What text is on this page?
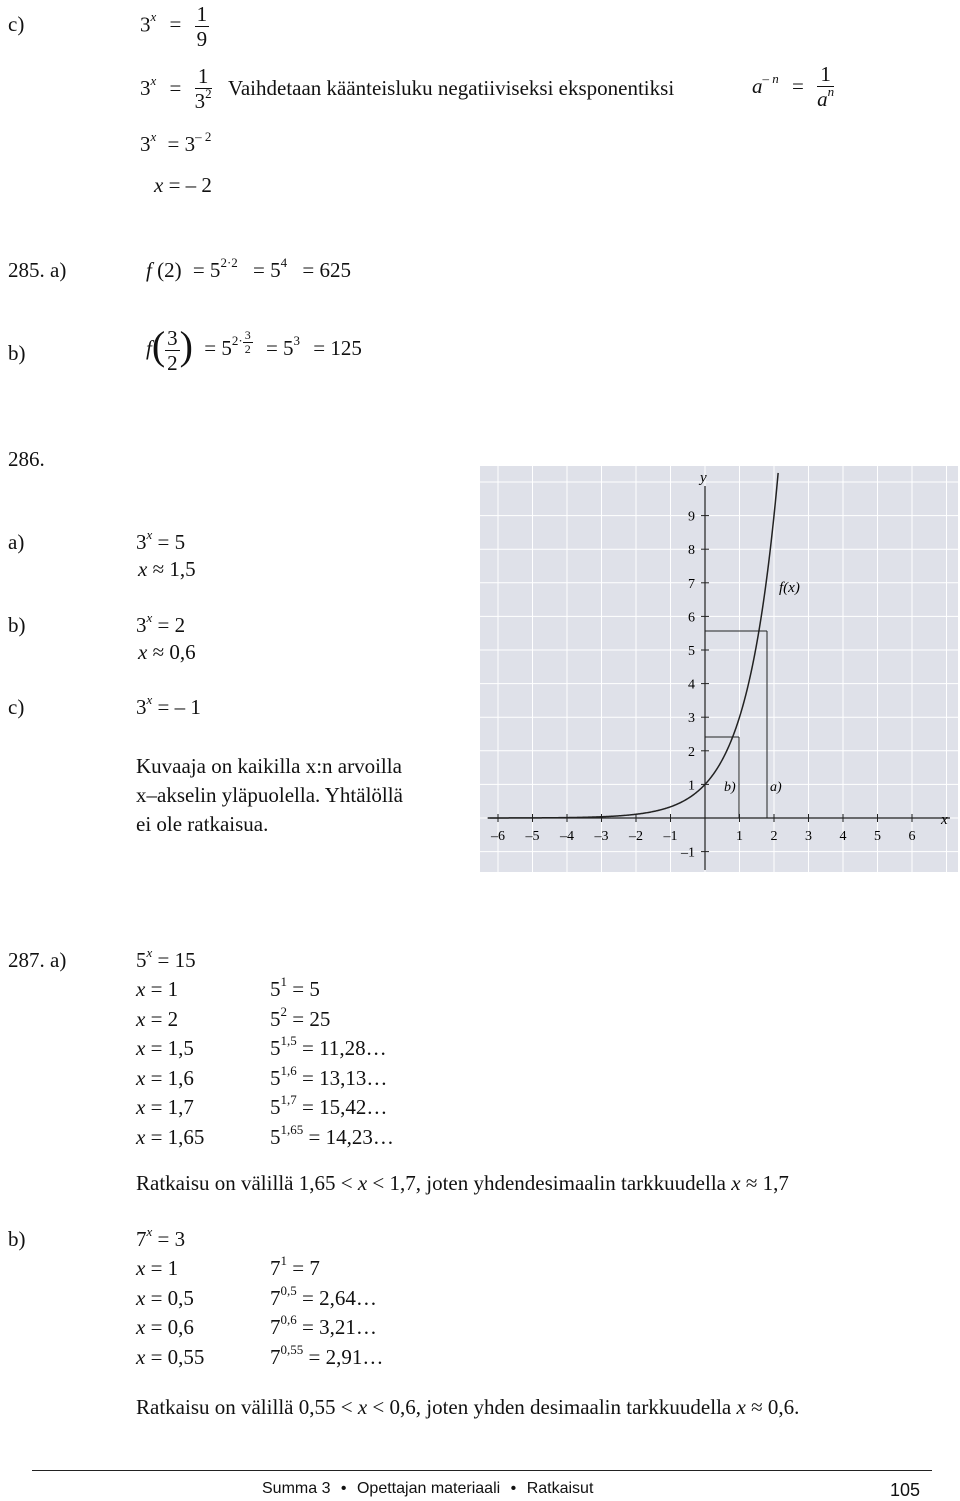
c)	$3^x = \frac{1}{9}$
$3^x = \frac{1}{3^2}$ Vaihdetaan käänteisluku negatiiviseksi eksponentiksi	$a^{- n} = \frac{1}{a^n}$
$3^x = 3^{- 2}$
x = – 2
285. a)	f $(2) = 5^{2\cdot 2} = 5^4 = 625$
b)	$f( \frac{3}{2}$ ) = $5^{2\cdot \frac{3}{2}} = 5^3 = 125$
286.
a)	$3^x = 5$
x ≈ 1,5
b)	$3^x = 2$
x ≈ 0,6
c)	$3^x$ = – 1
Kuvaaja on kaikilla x:n arvoilla
x–akselin yläpuolella. Yhtälöllä
ei ole ratkaisua.
–6 –5 –4 –3 –2 –1	1 2 3 4 5 6
9
8
7
6
5
4
3
2
1
–1
y
x
f(x)
b) a)
287. a)	$5^x = 15$
x = 1	$5^1 = 5$
x = 2	$5^2 = 25$
x = 1,5	$5^{1,5}$ = 11,28…
x = 1,6	$5^{1,6}$ = 13,13…
x = 1,7	$5^{1,7}$ = 15,42…
x = 1,65	$5^{1,65}$ = 14,23…
Ratkaisu on välillä 1,65 < x < 1,7, joten yhdendesimaalin tarkkuudella x ≈ 1,7
b)	$7^x = 3$
x = 1	$7^1 = 7$
x = 0,5	$7^{0,5}$ = 2,64…
x = 0,6	$7^{0,6}$ = 3,21…
x = 0,55	$7^{0,55}$ = 2,91…
Ratkaisu on välillä 0,55 < x < 0,6, joten yhden desimaalin tarkkuudella x ≈ 0,6.
Summa 3 • Opettajan materiaali • Ratkaisut	105
